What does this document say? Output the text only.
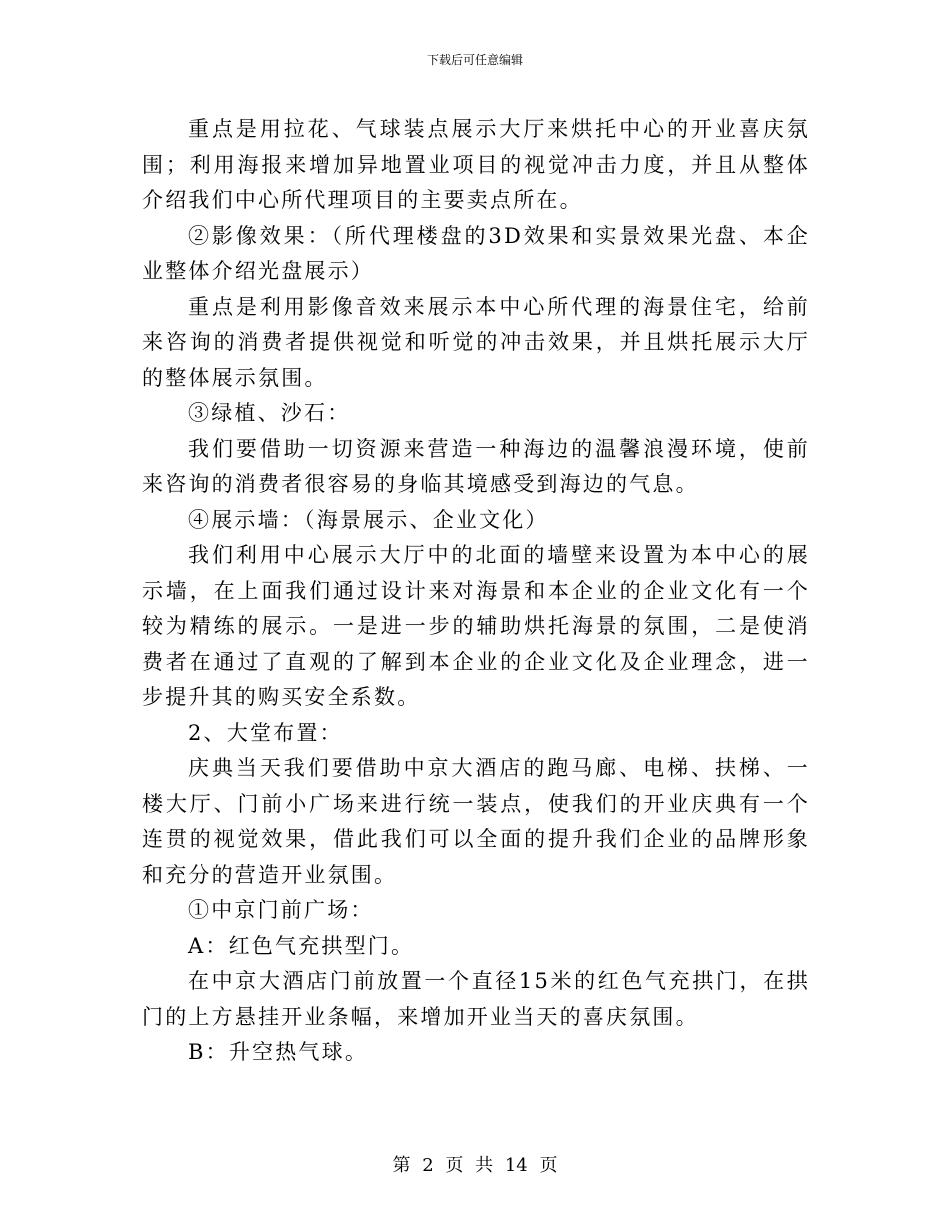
下载后可任意编辑

重点是用拉花、气球装点展示大厅来烘托中心的开业喜庆氛围；利用海报来增加异地置业项目的视觉冲击力度，并且从整体介绍我们中心所代理项目的主要卖点所在。

②影像效果：（所代理楼盘的3D效果和实景效果光盘、本企业整体介绍光盘展示）

重点是利用影像音效来展示本中心所代理的海景住宅，给前来咨询的消费者提供视觉和听觉的冲击效果，并且烘托展示大厅的整体展示氛围。

③绿植、沙石：

我们要借助一切资源来营造一种海边的温馨浪漫环境，使前来咨询的消费者很容易的身临其境感受到海边的气息。

④展示墙：（海景展示、企业文化）

我们利用中心展示大厅中的北面的墙壁来设置为本中心的展示墙，在上面我们通过设计来对海景和本企业的企业文化有一个较为精练的展示。一是进一步的辅助烘托海景的氛围，二是使消费者在通过了直观的了解到本企业的企业文化及企业理念，进一步提升其的购买安全系数。

2、大堂布置：

庆典当天我们要借助中京大酒店的跑马廊、电梯、扶梯、一楼大厅、门前小广场来进行统一装点，使我们的开业庆典有一个连贯的视觉效果，借此我们可以全面的提升我们企业的品牌形象和充分的营造开业氛围。

①中京门前广场：

A：红色气充拱型门。

在中京大酒店门前放置一个直径15米的红色气充拱门，在拱门的上方悬挂开业条幅，来增加开业当天的喜庆氛围。

B：升空热气球。

第 2 页 共 14 页
